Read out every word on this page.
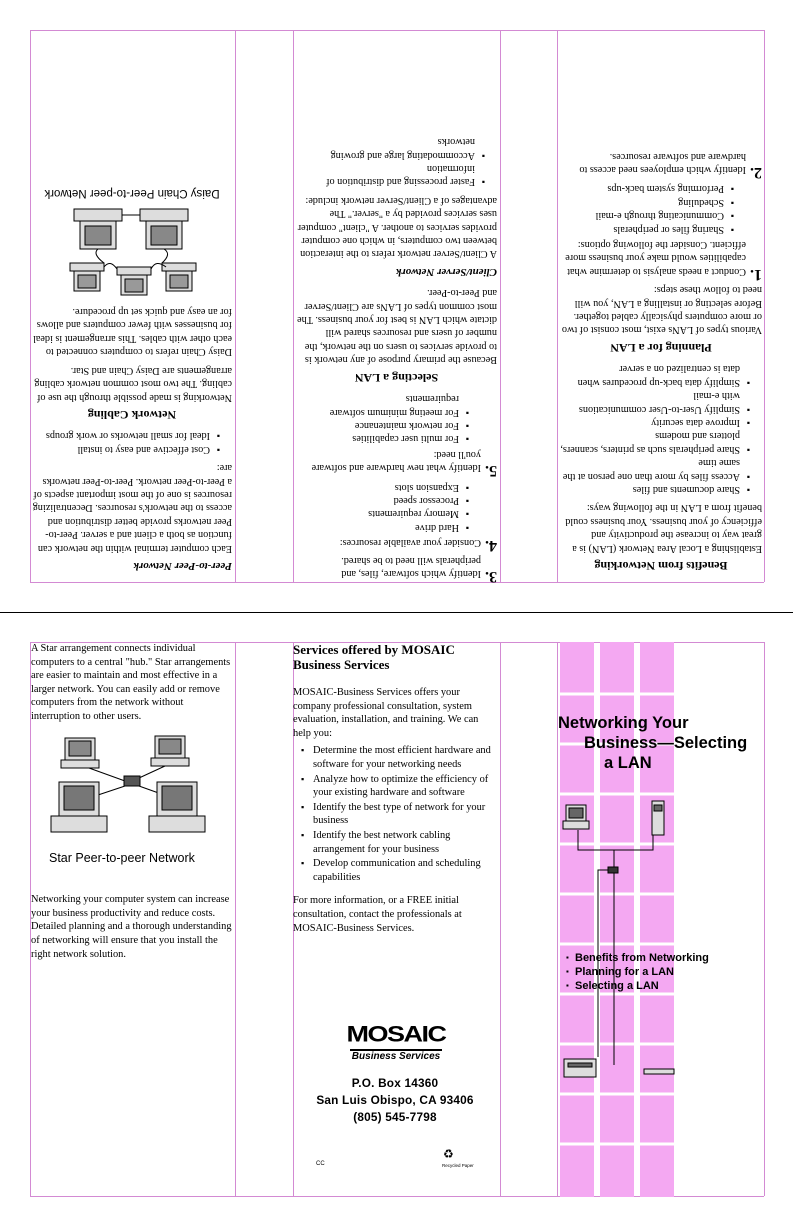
Peer-to-Peer Network

Each computer terminal within the network can function as both a client and a server. Peer-to-Peer networks provide better distribution and access to the network's resources. Decentralizing resources is one of the most important aspects of a Peer-to-Peer network. Peer-to-Peer networks are:

▪ Cost effective and easy to install
▪ Ideal for small networks or work groups
Network Cabling

Networking is made possible through the use of cabling. The two most common network cabling arrangements are Daisy Chain and Star.

Daisy Chain refers to computers connected to each other with cables. This arrangement is ideal for businesses with fewer computers and allows for an easy and quick set up procedure.

Daisy Chain Peer-to-peer Network
3.
Identify which software, files, and peripherals will need to be shared.
4.
Consider your available resources:
▪ Hard drive
▪ Memory requirements
▪ Processor speed
▪ Expansion slots
5.
Identify what new hardware and software you'll need:
▪ For multi user capabilities
▪ For network maintenance
▪ For meeting minimum software requirements
Selecting a LAN

Because the primary purpose of any network is to provide services to users on the network, the number of users and resources shared will dictate which LAN is best for your business. The most common types of LANs are Client/Server and Peer-to-Peer.

Client/Server Network

A Client/Server network refers to the interaction between two computers, in which one computer provides services to another. A "client" computer uses services provided by a "server." The advantages of a Client/Server network include:

▪ Faster processing and distribution of information
▪ Accommodating large and growing networks
Benefits from Networking

Establishing a Local Area Network (LAN) is a great way to increase the productivity and efficiency of your business. Your business could benefit from a LAN in the following ways:

▪ Share documents and files
▪ Access files by more than one person at the same time
▪ Share peripherals such as printers, scanners, plotters and modems
▪ Improve data security
▪ Simplify User-to-User communications with e-mail
▪ Simplify data back-up procedures when data is centralized on a server
Planning for a LAN

Various types of LANs exist, most consist of two or more computers physically cabled together. Before selecting or installing a LAN, you will need to follow these steps:

1.
Conduct a needs analysis to determine what capabilities would make your business more efficient. Consider the following options:
▪ Sharing files or peripherals
▪ Communicating through e-mail
▪ Scheduling
▪ Performing system back-ups
2.
Identify which employees need access to hardware and software resources.

A Star arrangement connects individual computers to a central "hub." Star arrangements are easier to maintain and most effective in a larger network. You can easily add or remove computers from the network without interruption to other users.

Star Peer-to-peer Network

Networking your computer system can increase your business productivity and reduce costs. Detailed planning and a thorough understanding of networking will ensure that you install the right network solution.

Services offered by MOSAIC Business Services

MOSAIC-Business Services offers your company professional consultation, system evaluation, installation, and training. We can help you:

▪ Determine the most efficient hardware and software for your networking needs
▪ Analyze how to optimize the efficiency of your existing hardware and software
▪ Identify the best type of network for your business
▪ Identify the best network cabling arrangement for your business
▪ Develop communication and scheduling capabilities

For more information, or a FREE initial consultation, contact the professionals at MOSAIC-Business Services.

MOSAIC
Business Services
P.O. Box 14360
San Luis Obispo, CA 93406
(805) 545-7798
CC
♻
Recycled Paper
Networking Your
Business—Selecting
a LAN
▪ Benefits from Networking
▪ Planning for a LAN
▪ Selecting a LAN
